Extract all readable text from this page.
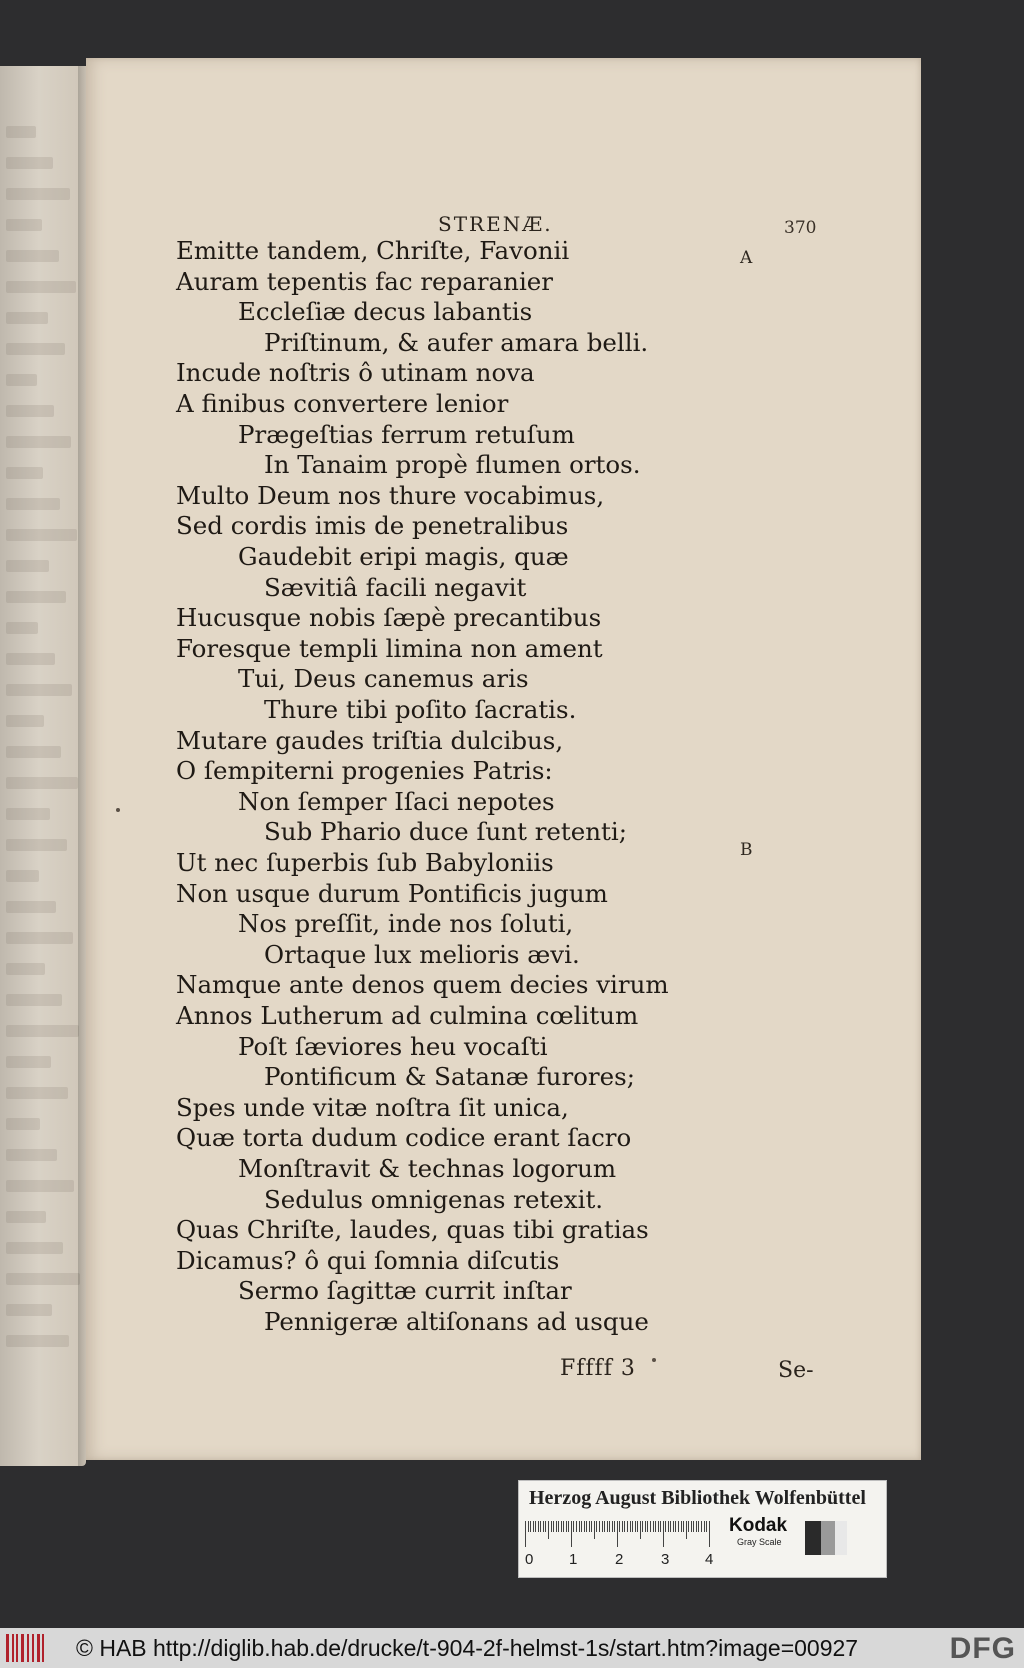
STRENÆ.	370
A
B
Emitte tandem, Chriſte, Favonii
Auram tepentis fac reparanier
Eccleſiæ decus labantis
Priſtinum, & aufer amara belli.
Incude noſtris ô utinam nova
A finibus convertere lenior
Prægeſtias ferrum retuſum
In Tanaim propè flumen ortos.
Multo Deum nos thure vocabimus,
Sed cordis imis de penetralibus
Gaudebit eripi magis, quæ
Sævitiâ facili negavit
Hucusque nobis ſæpè precantibus
Foresque templi limina non ament
Tui, Deus canemus aris
Thure tibi poſito ſacratis.
Mutare gaudes triſtia dulcibus,
O ſempiterni progenies Patris:
Non ſemper Iſaci nepotes
Sub Phario duce ſunt retenti;
Ut nec ſuperbis ſub Babyloniis
Non usque durum Pontificis jugum
Nos preſſit, inde nos ſoluti,
Ortaque lux melioris ævi.
Namque ante denos quem decies virum
Annos Lutherum ad culmina cœlitum
Poſt ſæviores heu vocaſti
Pontificum & Satanæ furores;
Spes unde vitæ noſtra ſit unica,
Quæ torta dudum codice erant ſacro
Monſtravit & technas logorum
Sedulus omnigenas retexit.
Quas Chriſte, laudes, quas tibi gratias
Dicamus? ô qui ſomnia diſcutis
Sermo ſagittæ currit inſtar
Pennigeræ altiſonans ad usque
Fffff 3	Se-
Herzog August Bibliothek Wolfenbüttel
0 1	2	3 4
Kodak
Gray Scale
© HAB http://diglib.hab.de/drucke/t-904-2f-helmst-1s/start.htm?image=00927	DFG
